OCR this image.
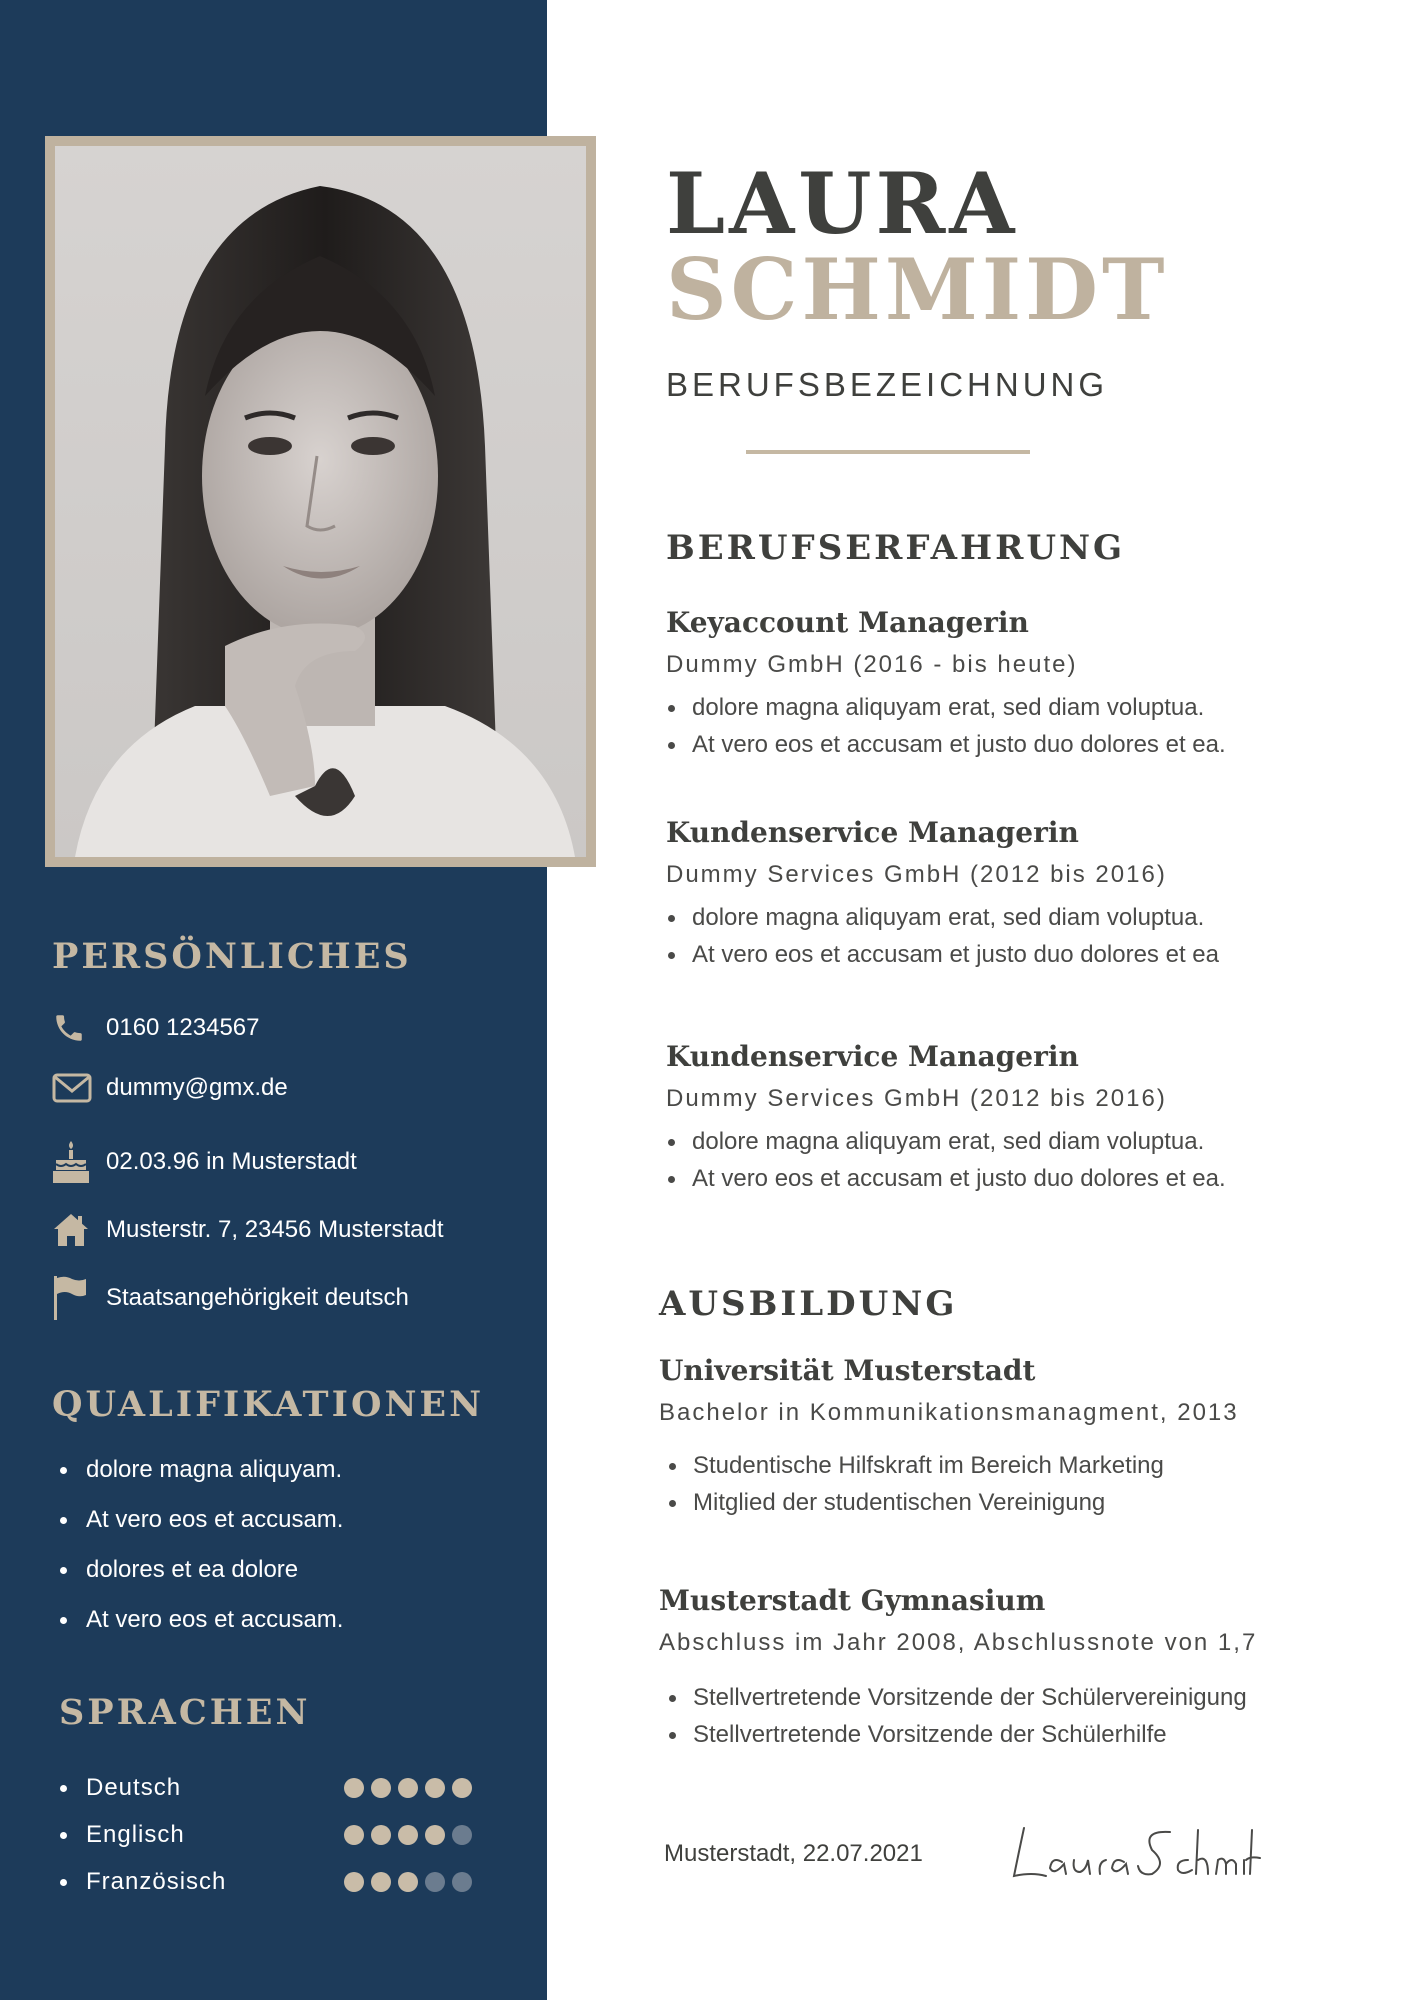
PERSÖNLICHES
0160 1234567
dummy@gmx.de
02.03.96 in Musterstadt
Musterstr. 7, 23456 Musterstadt
Staatsangehörigkeit deutsch
QUALIFIKATIONEN
dolore magna aliquyam.
At vero eos et accusam.
dolores et ea dolore
At vero eos et accusam.
SPRACHEN
Deutsch
Englisch
Französisch
LAURA
SCHMIDT

BERUFSBEZEICHNUNG

BERUFSERFAHRUNG

Keyaccount Managerin

Dummy GmbH (2016 - bis heute)

dolore magna aliquyam erat, sed diam voluptua.
At vero eos et accusam et justo duo dolores et ea.

Kundenservice Managerin

Dummy Services GmbH (2012 bis 2016)

dolore magna aliquyam erat, sed diam voluptua.
At vero eos et accusam et justo duo dolores et ea

Kundenservice Managerin

Dummy Services GmbH (2012 bis 2016)

dolore magna aliquyam erat, sed diam voluptua.
At vero eos et accusam et justo duo dolores et ea.
AUSBILDUNG

Universität Musterstadt

Bachelor in Kommunikationsmanagment, 2013

Studentische Hilfskraft im Bereich Marketing
Mitglied der studentischen Vereinigung

Musterstadt Gymnasium

Abschluss im Jahr 2008, Abschlussnote von 1,7

Stellvertretende Vorsitzende der Schülervereinigung
Stellvertretende Vorsitzende der Schülerhilfe
Musterstadt, 22.07.2021
